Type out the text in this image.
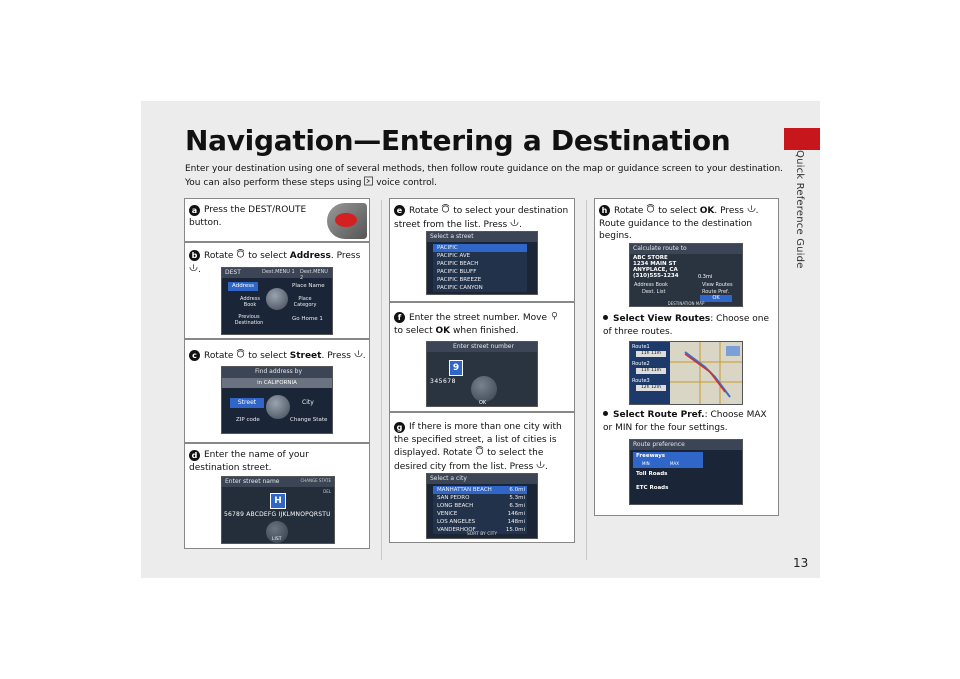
Quick Reference Guide
13
Navigation—Entering a Destination
Enter your destination using one of several methods, then follow route guidance on the map or guidance screen to your destination. You can also perform these steps using voice control.
a Press the DEST/ROUTE button.
b Rotate to select Address. Press .	DEST	Dest.MENU 1 Dest.MENU 2
Address	Place Name
Address Book
Place Category
Previous Destination
Go Home 1
c Rotate to select Street. Press .
Find address by
in CALIFORNIA
Street	City
ZIP code	Change State
d Enter the name of your destination street.
Enter street name	CHANGE STATE
DEL
H
56789 ABCDEFG IJKLMNOPQRSTU
LIST
e Rotate to select your destination street from the list. Press .
Select a street
PACIFIC
PACIFIC AVE
PACIFIC BEACH
PACIFIC BLUFF
PACIFIC BREEZE
PACIFIC CANYON
f Enter the street number. Move  to select OK when finished.
Enter street number
9
345678
OK
g If there is more than one city with the specified street, a list of cities is displayed. Rotate to select the desired city from the list. Press .
Select a city
MANHATTAN BEACH	6.0mi
SAN PEDRO	5.3mi
LONG BEACH	6.3mi
VENICE	146mi
LOS ANGELES	148mi
VANDERHOOF	15.0mi
SORT BY CITY
h Rotate to select OK. Press . Route guidance to the destination begins.
Calculate route to
ABC STORE
1234 MAIN ST
ANYPLACE, CA
(310)555-1234	0.3mi
Address Book	View Routes
Dest. List	Route Pref.
OK
DESTINATION MAP
Select View Routes: Choose one of three routes.
Route1
11h 11m
Route2
11h 11m
Route3
12h 12m
Select Route Pref.: Choose MAX or MIN for the four settings.
Route preference
Freeways
MIN	MAX
Toll Roads
ETC Roads
